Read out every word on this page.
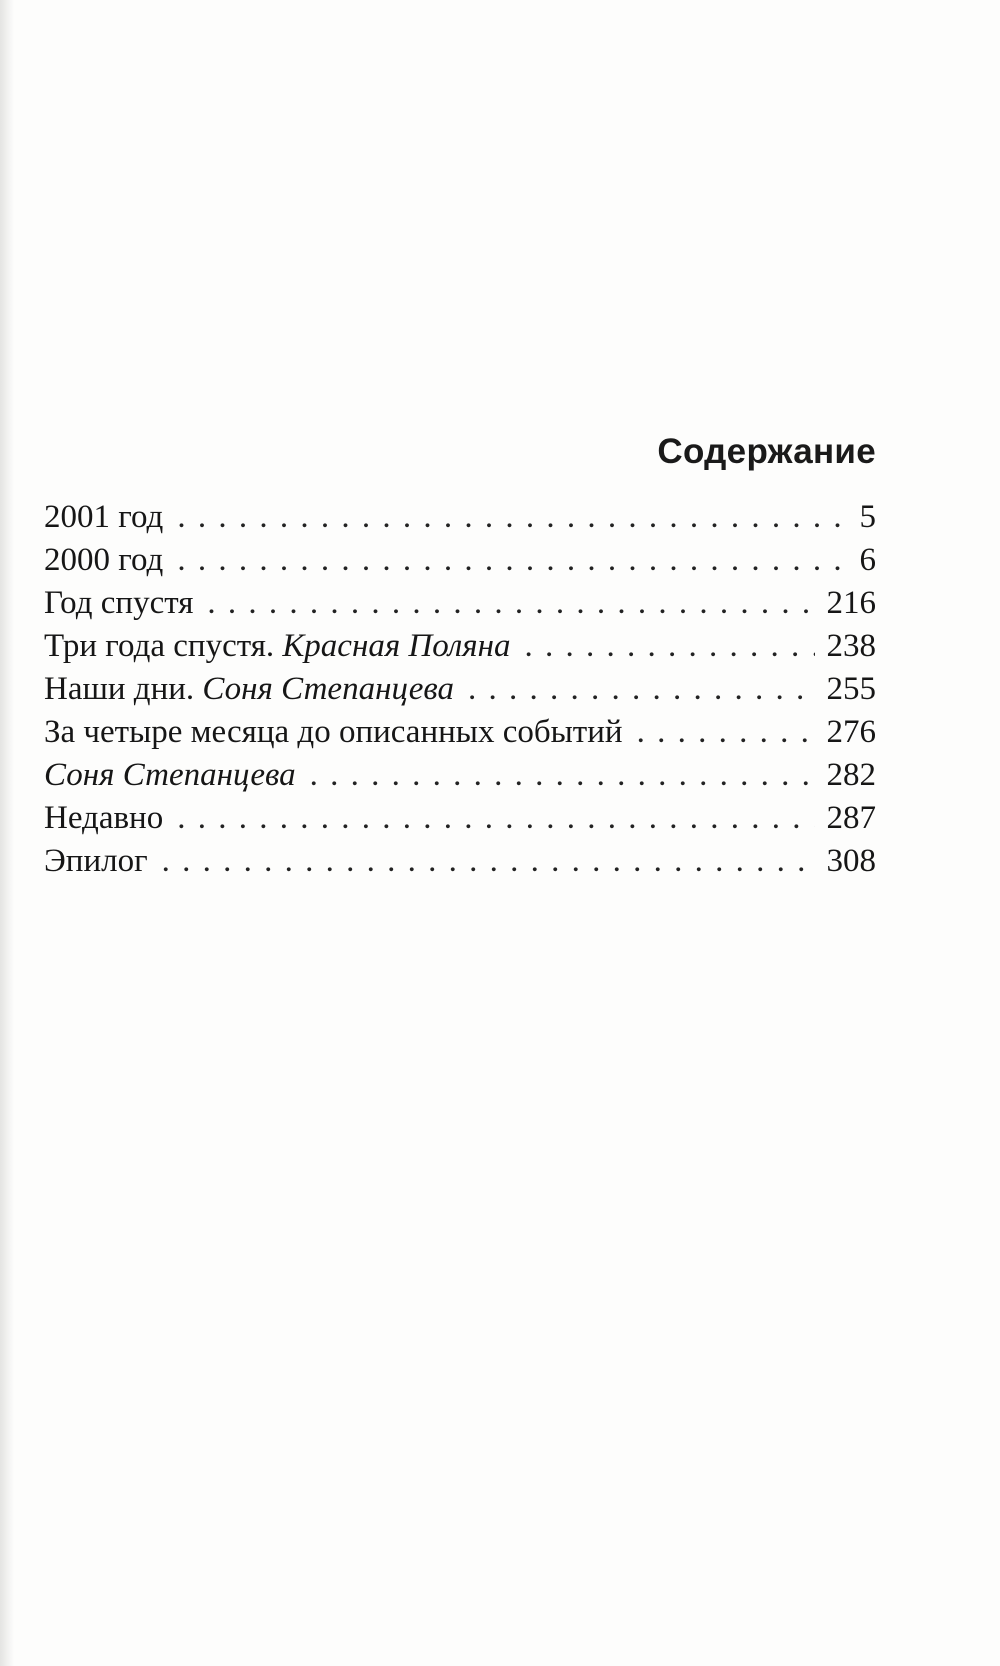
Содержание
2001 год . . .	5
2000 год . . .	6
Год спустя . . .	216
Три года спустя. Красная Поляна . . .	238
Наши дни. Соня Степанцева . . .	255
За четыре месяца до описанных событий . . .	276
Соня Степанцева . . .	282
Недавно . . .	287
Эпилог . . .	308
